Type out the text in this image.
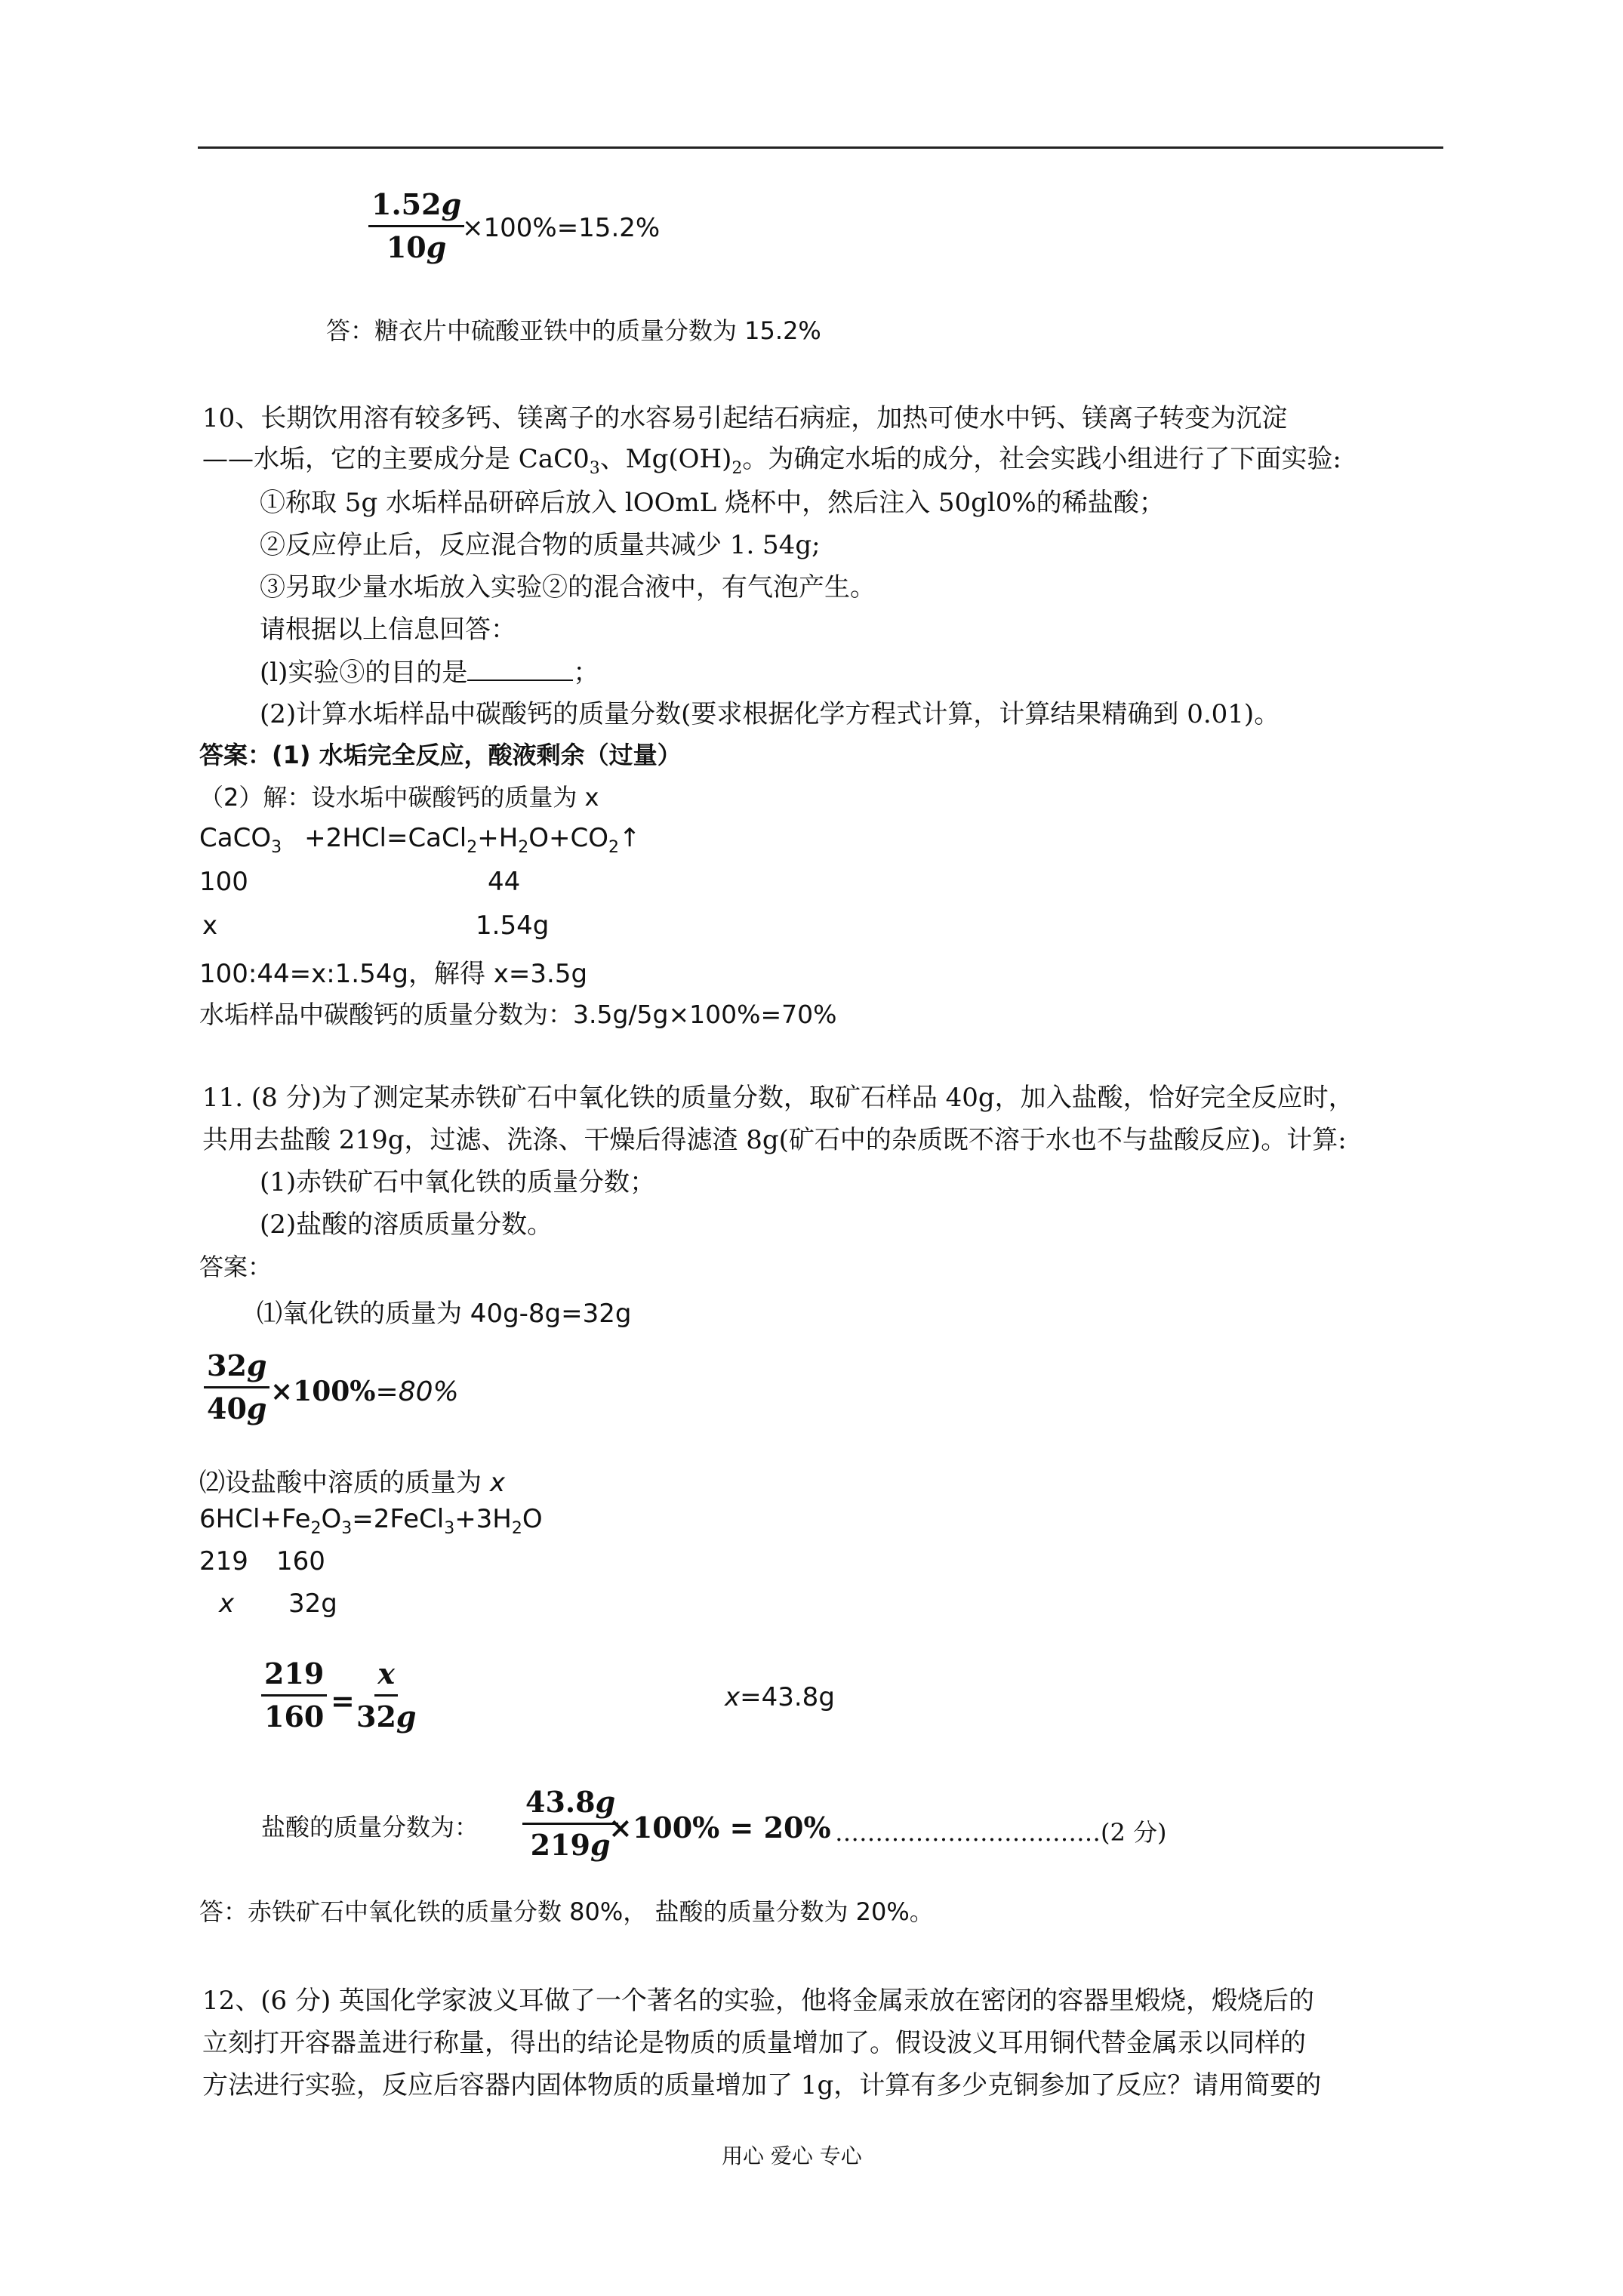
$\frac{1.52g}{10g}$
×100%=15.2%
答：糖衣片中硫酸亚铁中的质量分数为 15.2%
10、长期饮用溶有较多钙、镁离子的水容易引起结石病症，加热可使水中钙、镁离子转变为沉淀
——水垢，它的主要成分是 $CaC0_3$、$Mg(OH)_2$。为确定水垢的成分，社会实践小组进行了下面实验:
①称取 5g 水垢样品研碎后放入 lOOmL 烧杯中，然后注入 50gl0%的稀盐酸；
②反应停止后，反应混合物的质量共减少 1. 54g;
③另取少量水垢放入实验②的混合液中，有气泡产生。
请根据以上信息回答：
(l)实验③的目的是	；
(2)计算水垢样品中碳酸钙的质量分数(要求根据化学方程式计算，计算结果精确到 0.01)。
答案：(1) 水垢完全反应，酸液剩余（过量）
（2）解：设水垢中碳酸钙的质量为 x
CaCO$_3$ $+2HCl=CaCl_2+H_2O+CO_2↑$
100	44
x	1.54g
100:44=x:1.54g，解得 x=3.5g
水垢样品中碳酸钙的质量分数为：3.5g/5g×100%=70%
11. (8 分)为了测定某赤铁矿石中氧化铁的质量分数，取矿石样品 40g，加入盐酸，恰好完全反应时，
共用去盐酸 219g，过滤、洗涤、干燥后得滤渣 8g(矿石中的杂质既不溶于水也不与盐酸反应)。计算:
(1)赤铁矿石中氧化铁的质量分数；
(2)盐酸的溶质质量分数。
答案：
⑴氧化铁的质量为 40g-8g=32g
$\frac{32g}{40g} \times 100\%=80\%$
⑵设盐酸中溶质的质量为 x
$6HCl+Fe_2O_3=2FeCl_3+3H_2O$
219 160
x 32g
$\frac{219}{160}$ =
$\frac{x}{32g}$	x=43.8g
盐酸的质量分数为： $\frac{43.8g}{219g}$
×100% = 20% ……………………………(2 分)
答：赤铁矿石中氧化铁的质量分数 80%， 盐酸的质量分数为 20%。
12、(6 分) 英国化学家波义耳做了一个著名的实验，他将金属汞放在密闭的容器里煅烧，煅烧后的
立刻打开容器盖进行称量，得出的结论是物质的质量增加了。假设波义耳用铜代替金属汞以同样的
方法进行实验，反应后容器内固体物质的质量增加了 1g，计算有多少克铜参加了反应？请用简要的
用心 爱心 专心
